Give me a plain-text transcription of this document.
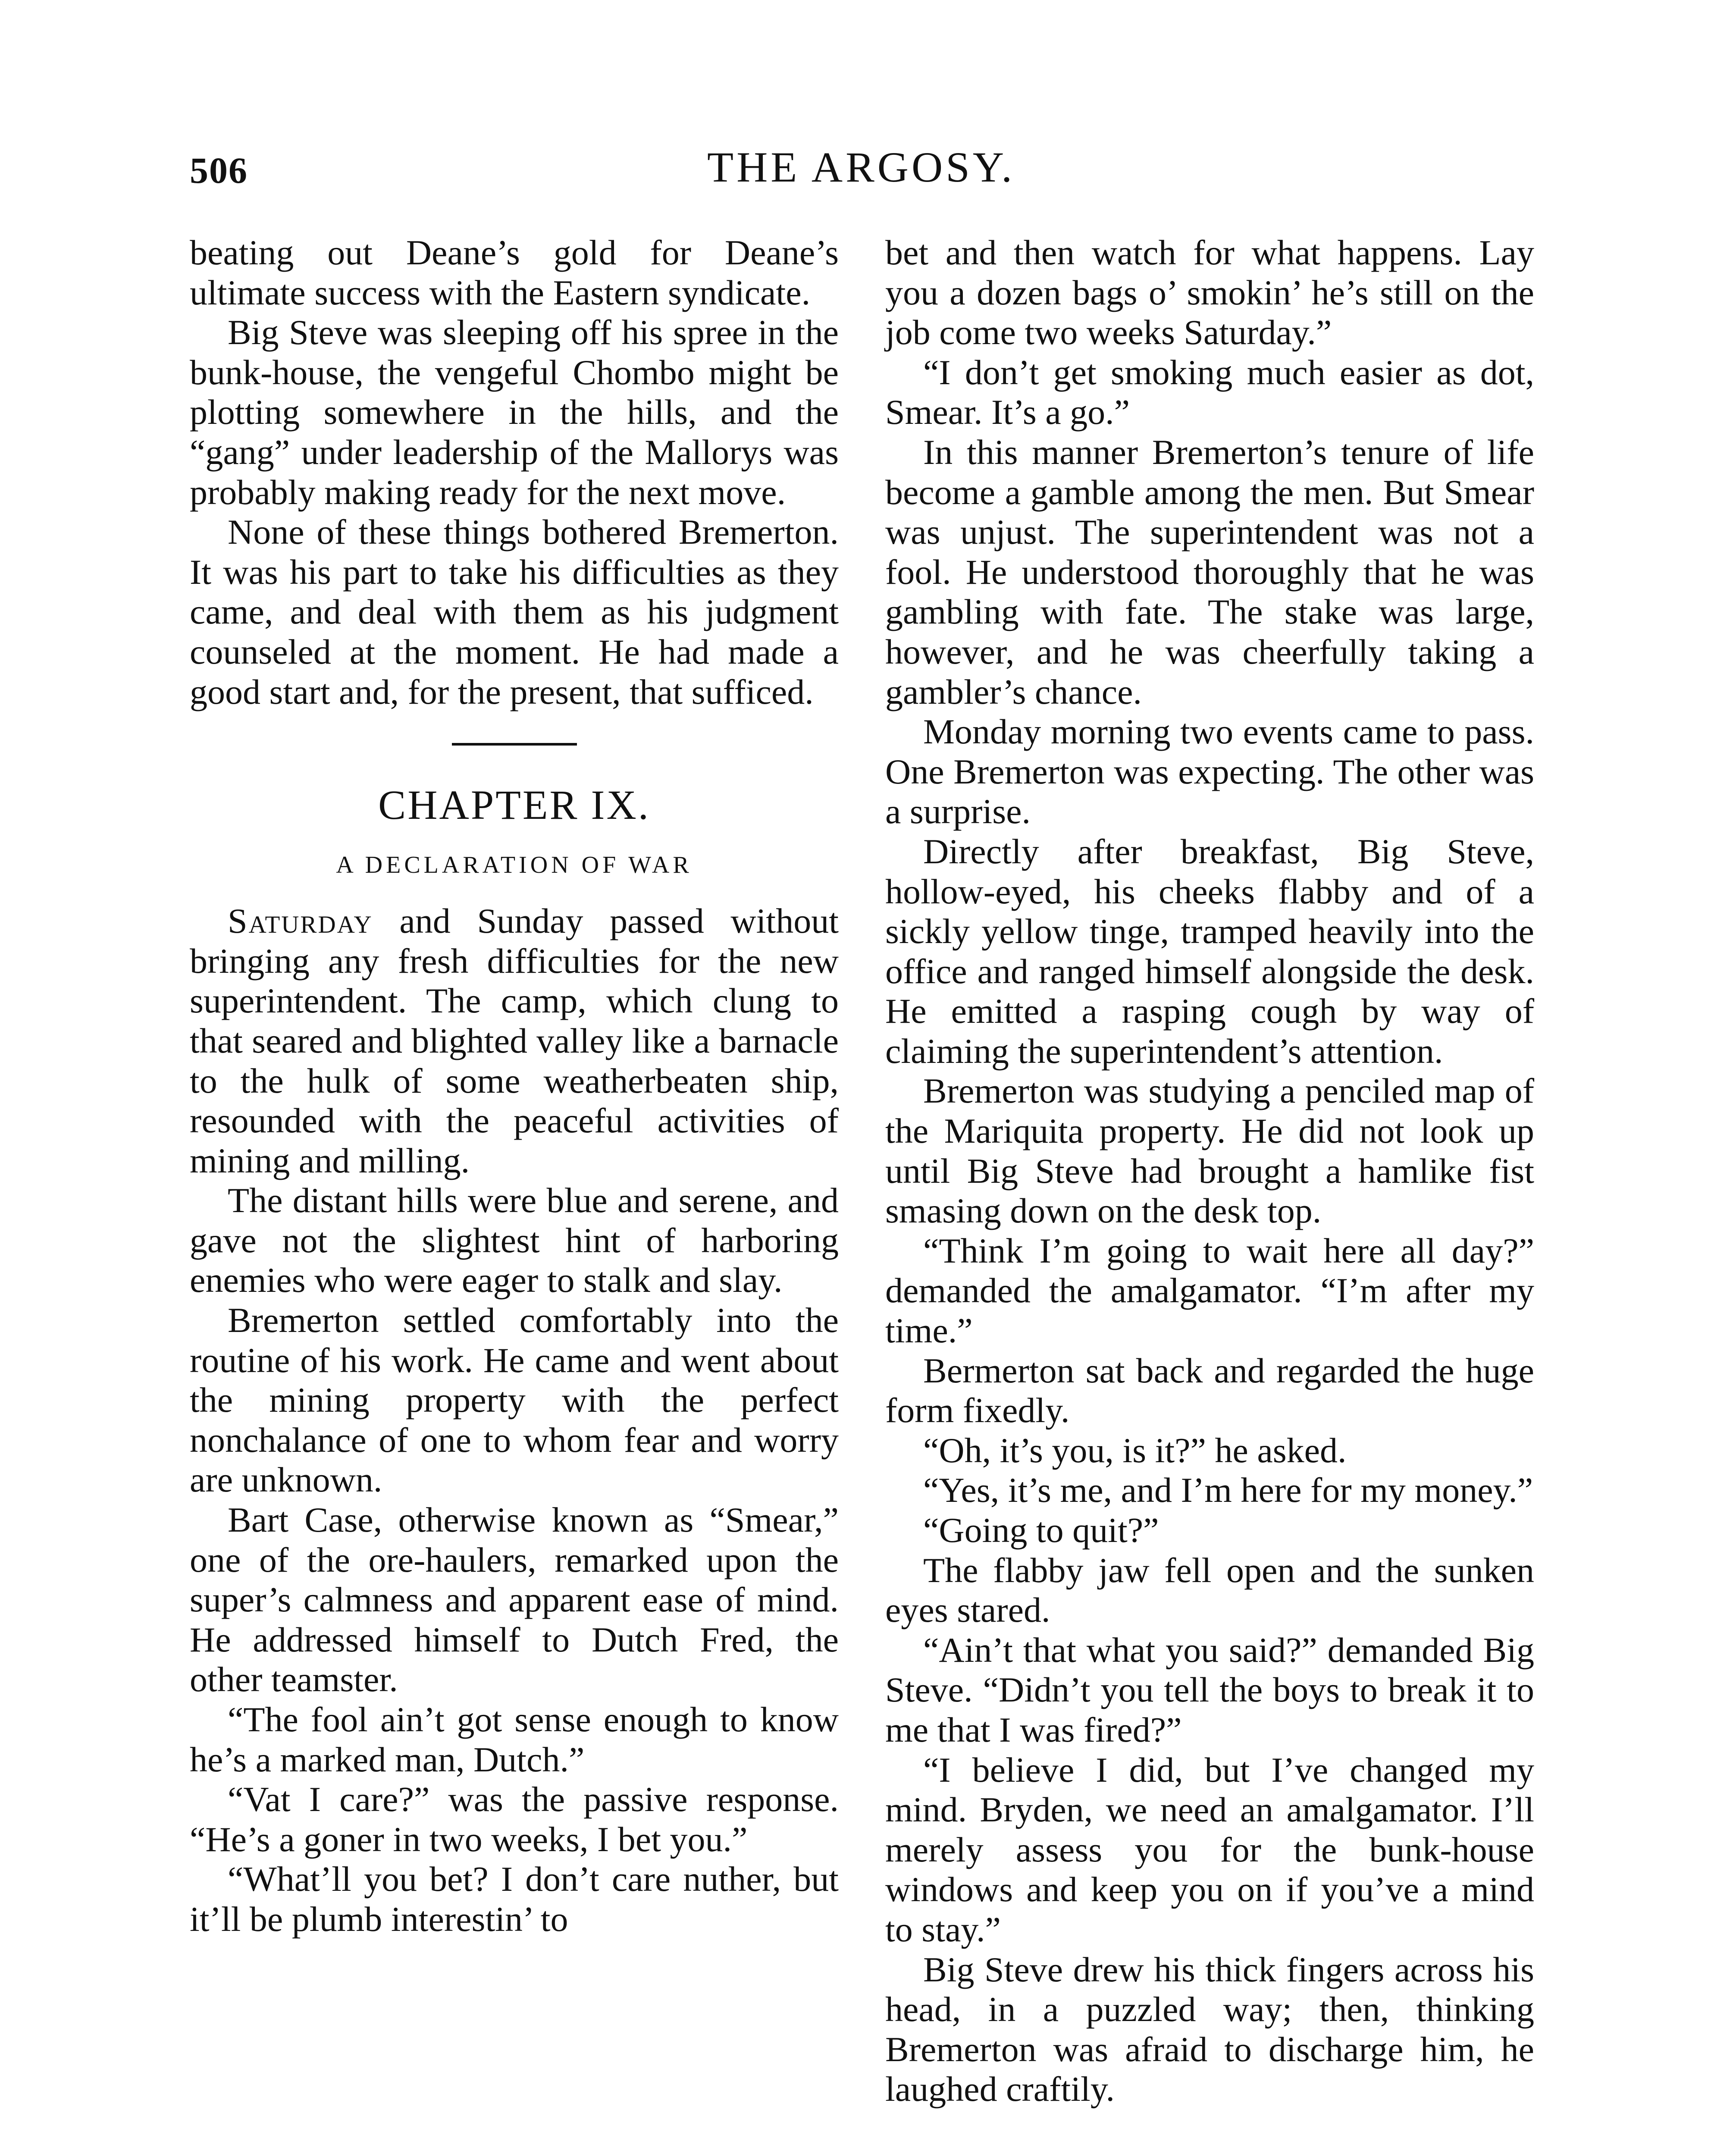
506	THE ARGOSY.

beating out Deane’s gold for Deane’s ultimate success with the Eastern syndicate.

Big Steve was sleeping off his spree in the bunk-house, the vengeful Chombo might be plotting somewhere in the hills, and the “gang” under leadership of the Mallorys was probably making ready for the next move.

None of these things bothered Bremerton. It was his part to take his difficulties as they came, and deal with them as his judgment counseled at the moment. He had made a good start and, for the present, that sufficed.

CHAPTER IX.
A DECLARATION OF WAR

Saturday and Sunday passed without bringing any fresh difficulties for the new superintendent. The camp, which clung to that seared and blighted valley like a barnacle to the hulk of some weatherbeaten ship, resounded with the peaceful activities of mining and milling.

The distant hills were blue and serene, and gave not the slightest hint of harboring enemies who were eager to stalk and slay.

Bremerton settled comfortably into the routine of his work. He came and went about the mining property with the perfect nonchalance of one to whom fear and worry are unknown.

Bart Case, otherwise known as “Smear,” one of the ore-haulers, remarked upon the super’s calmness and apparent ease of mind. He addressed himself to Dutch Fred, the other teamster.

“The fool ain’t got sense enough to know he’s a marked man, Dutch.”

“Vat I care?” was the passive response. “He’s a goner in two weeks, I bet you.”

“What’ll you bet? I don’t care nuther, but it’ll be plumb interestin’ to

bet and then watch for what happens. Lay you a dozen bags o’ smokin’ he’s still on the job come two weeks Saturday.”

“I don’t get smoking much easier as dot, Smear. It’s a go.”

In this manner Bremerton’s tenure of life become a gamble among the men. But Smear was unjust. The superintendent was not a fool. He understood thoroughly that he was gambling with fate. The stake was large, however, and he was cheerfully taking a gambler’s chance.

Monday morning two events came to pass. One Bremerton was expecting. The other was a surprise.

Directly after breakfast, Big Steve, hollow-eyed, his cheeks flabby and of a sickly yellow tinge, tramped heavily into the office and ranged himself alongside the desk. He emitted a rasping cough by way of claiming the superintendent’s attention.

Bremerton was studying a penciled map of the Mariquita property. He did not look up until Big Steve had brought a hamlike fist smasing down on the desk top.

“Think I’m going to wait here all day?” demanded the amalgamator. “I’m after my time.”

Bermerton sat back and regarded the huge form fixedly.

“Oh, it’s you, is it?” he asked.

“Yes, it’s me, and I’m here for my money.”

“Going to quit?”

The flabby jaw fell open and the sunken eyes stared.

“Ain’t that what you said?” demanded Big Steve. “Didn’t you tell the boys to break it to me that I was fired?”

“I believe I did, but I’ve changed my mind. Bryden, we need an amalgamator. I’ll merely assess you for the bunk-house windows and keep you on if you’ve a mind to stay.”

Big Steve drew his thick fingers across his head, in a puzzled way; then, thinking Bremerton was afraid to discharge him, he laughed craftily.
